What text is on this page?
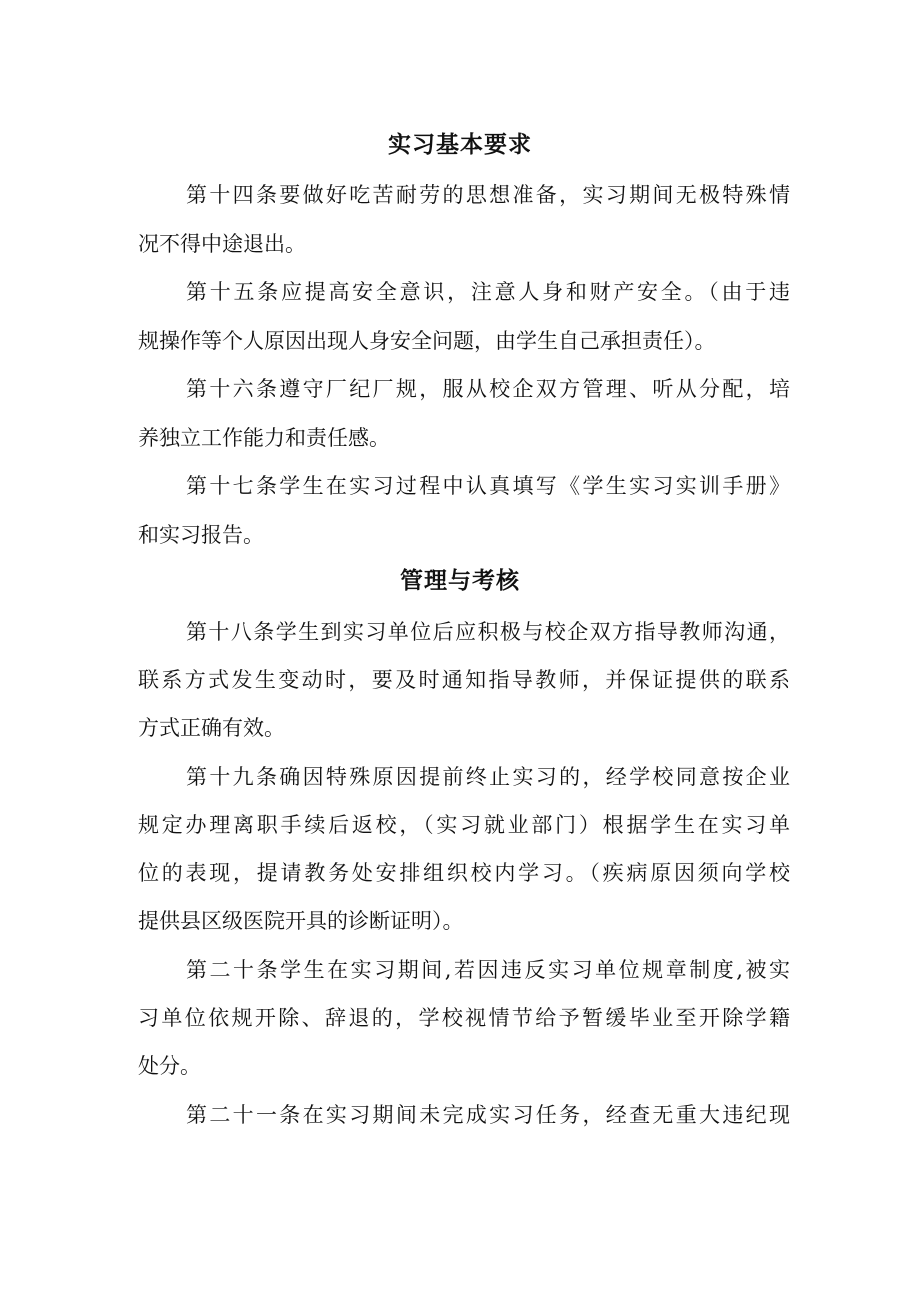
实习基本要求

第十四条要做好吃苦耐劳的思想准备，实习期间无极特殊情

况不得中途退出。

第十五条应提高安全意识，注意人身和财产安全。（由于违

规操作等个人原因出现人身安全问题，由学生自己承担责任）。

第十六条遵守厂纪厂规，服从校企双方管理、听从分配，培

养独立工作能力和责任感。

第十七条学生在实习过程中认真填写《学生实习实训手册》

和实习报告。

管理与考核

第十八条学生到实习单位后应积极与校企双方指导教师沟通，

联系方式发生变动时，要及时通知指导教师，并保证提供的联系

方式正确有效。

第十九条确因特殊原因提前终止实习的，经学校同意按企业

规定办理离职手续后返校，（实习就业部门）根据学生在实习单

位的表现，提请教务处安排组织校内学习。（疾病原因须向学校

提供县区级医院开具的诊断证明）。

第二十条学生在实习期间,若因违反实习单位规章制度,被实

习单位依规开除、辞退的，学校视情节给予暂缓毕业至开除学籍

处分。

第二十一条在实习期间未完成实习任务，经查无重大违纪现
